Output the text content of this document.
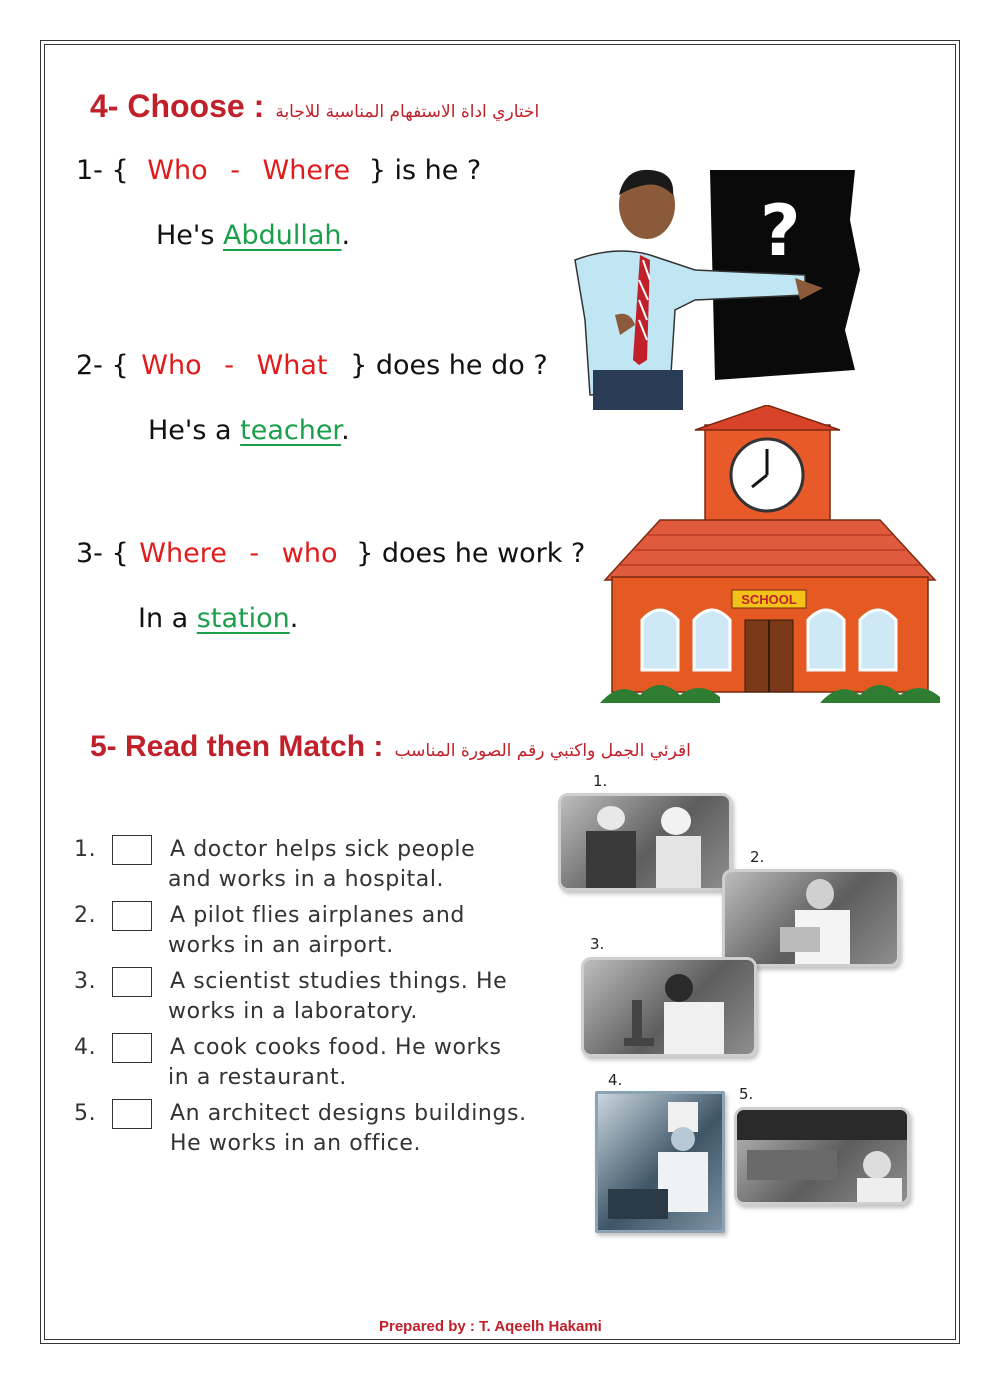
4- Choose : اختاري اداة الاستفهام المناسبة للاجابة
1- { Who - Where } is he ?
He's Abdullah.
2- { Who - What } does he do ?
He's a teacher.
3- { Where - who } does he work ?
In a station.
?
SCHOOL
5- Read then Match : اقرئي الجمل واكتبي رقم الصورة المناسب
1.	A doctor helps sick people
and works in a hospital.
2.	A pilot flies airplanes and
works in an airport.
3.	A scientist studies things. He
works in a laboratory.
4.	A cook cooks food. He works
in a restaurant.
5.	An architect designs buildings.
He works in an office.
1.
2.
3.
4.
5.
Prepared by : T. Aqeelh Hakami
